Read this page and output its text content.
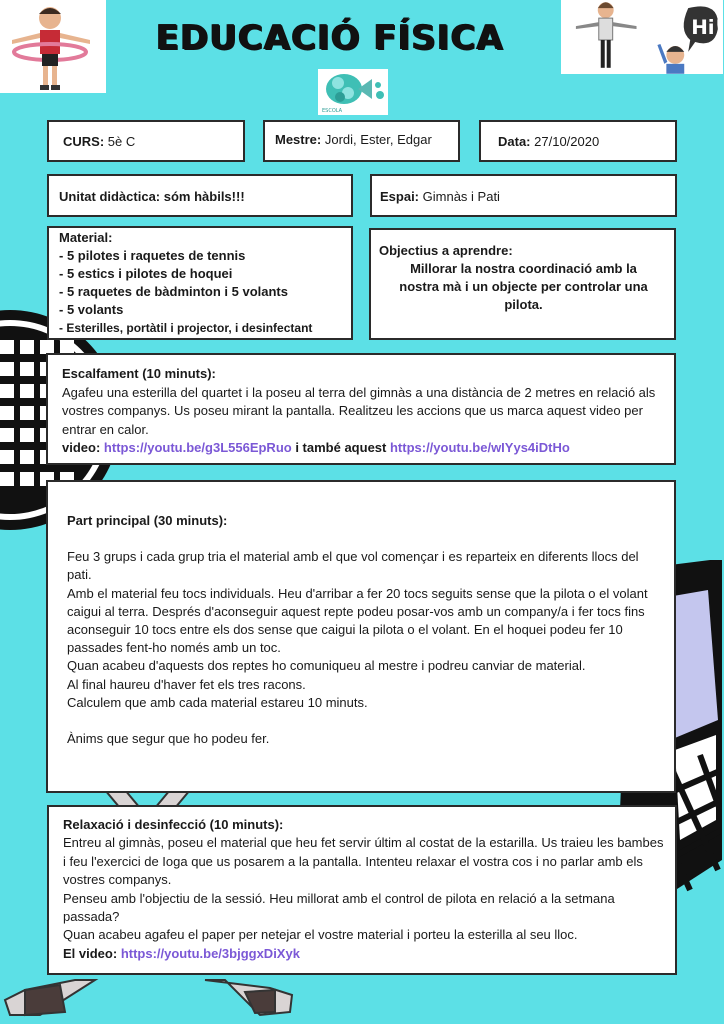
Hi!
EDUCACIÓ FÍSICA
ESCOLA
CURS: 5è C	Mestre: Jordi, Ester, Edgar	Data: 27/10/2020
Unitat didàctica: sóm hàbils!!!	Espai: Gimnàs i Pati
Material:
- 5 pilotes i raquetes de tennis
- 5 estics i pilotes de hoquei
- 5 raquetes de bàdminton i 5 volants
- 5 volants
- Esterilles, portàtil i projector, i desinfectant
Objectius a aprendre:
Millorar la nostra coordinació amb la nostra mà i un objecte per controlar una pilota.
Escalfament (10 minuts):
Agafeu una esterilla del quartet i la poseu al terra del gimnàs a una distància de 2 metres en relació als vostres companys. Us poseu mirant la pantalla. Realitzeu les accions que us marca aquest video per entrar en calor.
video: https://youtu.be/g3L556EpRuo i també aquest https://youtu.be/wIYys4iDtHo
Part principal (30 minuts):

Feu 3 grups i cada grup tria el material amb el que vol començar i es reparteix en diferents llocs del pati.

Amb el material feu tocs individuals. Heu d'arribar a fer 20 tocs seguits sense que la pilota o el volant caigui al terra. Després d'aconseguir aquest repte podeu posar-vos amb un company/a i fer tocs fins aconseguir 10 tocs entre els dos sense que caigui la pilota o el volant. En el hoquei podeu fer 10 passades fent-ho només amb un toc.

Quan acabeu d'aquests dos reptes ho comuniqueu al mestre i podreu canviar de material.

Al final haureu d'haver fet els tres racons.

Calculem que amb cada material estareu 10 minuts.

Ànims que segur que ho podeu fer.

Relaxació i desinfecció (10 minuts):

Entreu al gimnàs, poseu el material que heu fet servir últim al costat de la estarilla. Us traieu les bambes i feu l'exercici de Ioga que us posarem a la pantalla. Intenteu relaxar el vostra cos i no parlar amb els vostres companys.

Penseu amb l'objectiu de la sessió. Heu millorat amb el control de pilota en relació a la setmana passada?

Quan acabeu agafeu el paper per netejar el vostre material i porteu la esterilla al seu lloc.

El video: https://youtu.be/3bjggxDiXyk
